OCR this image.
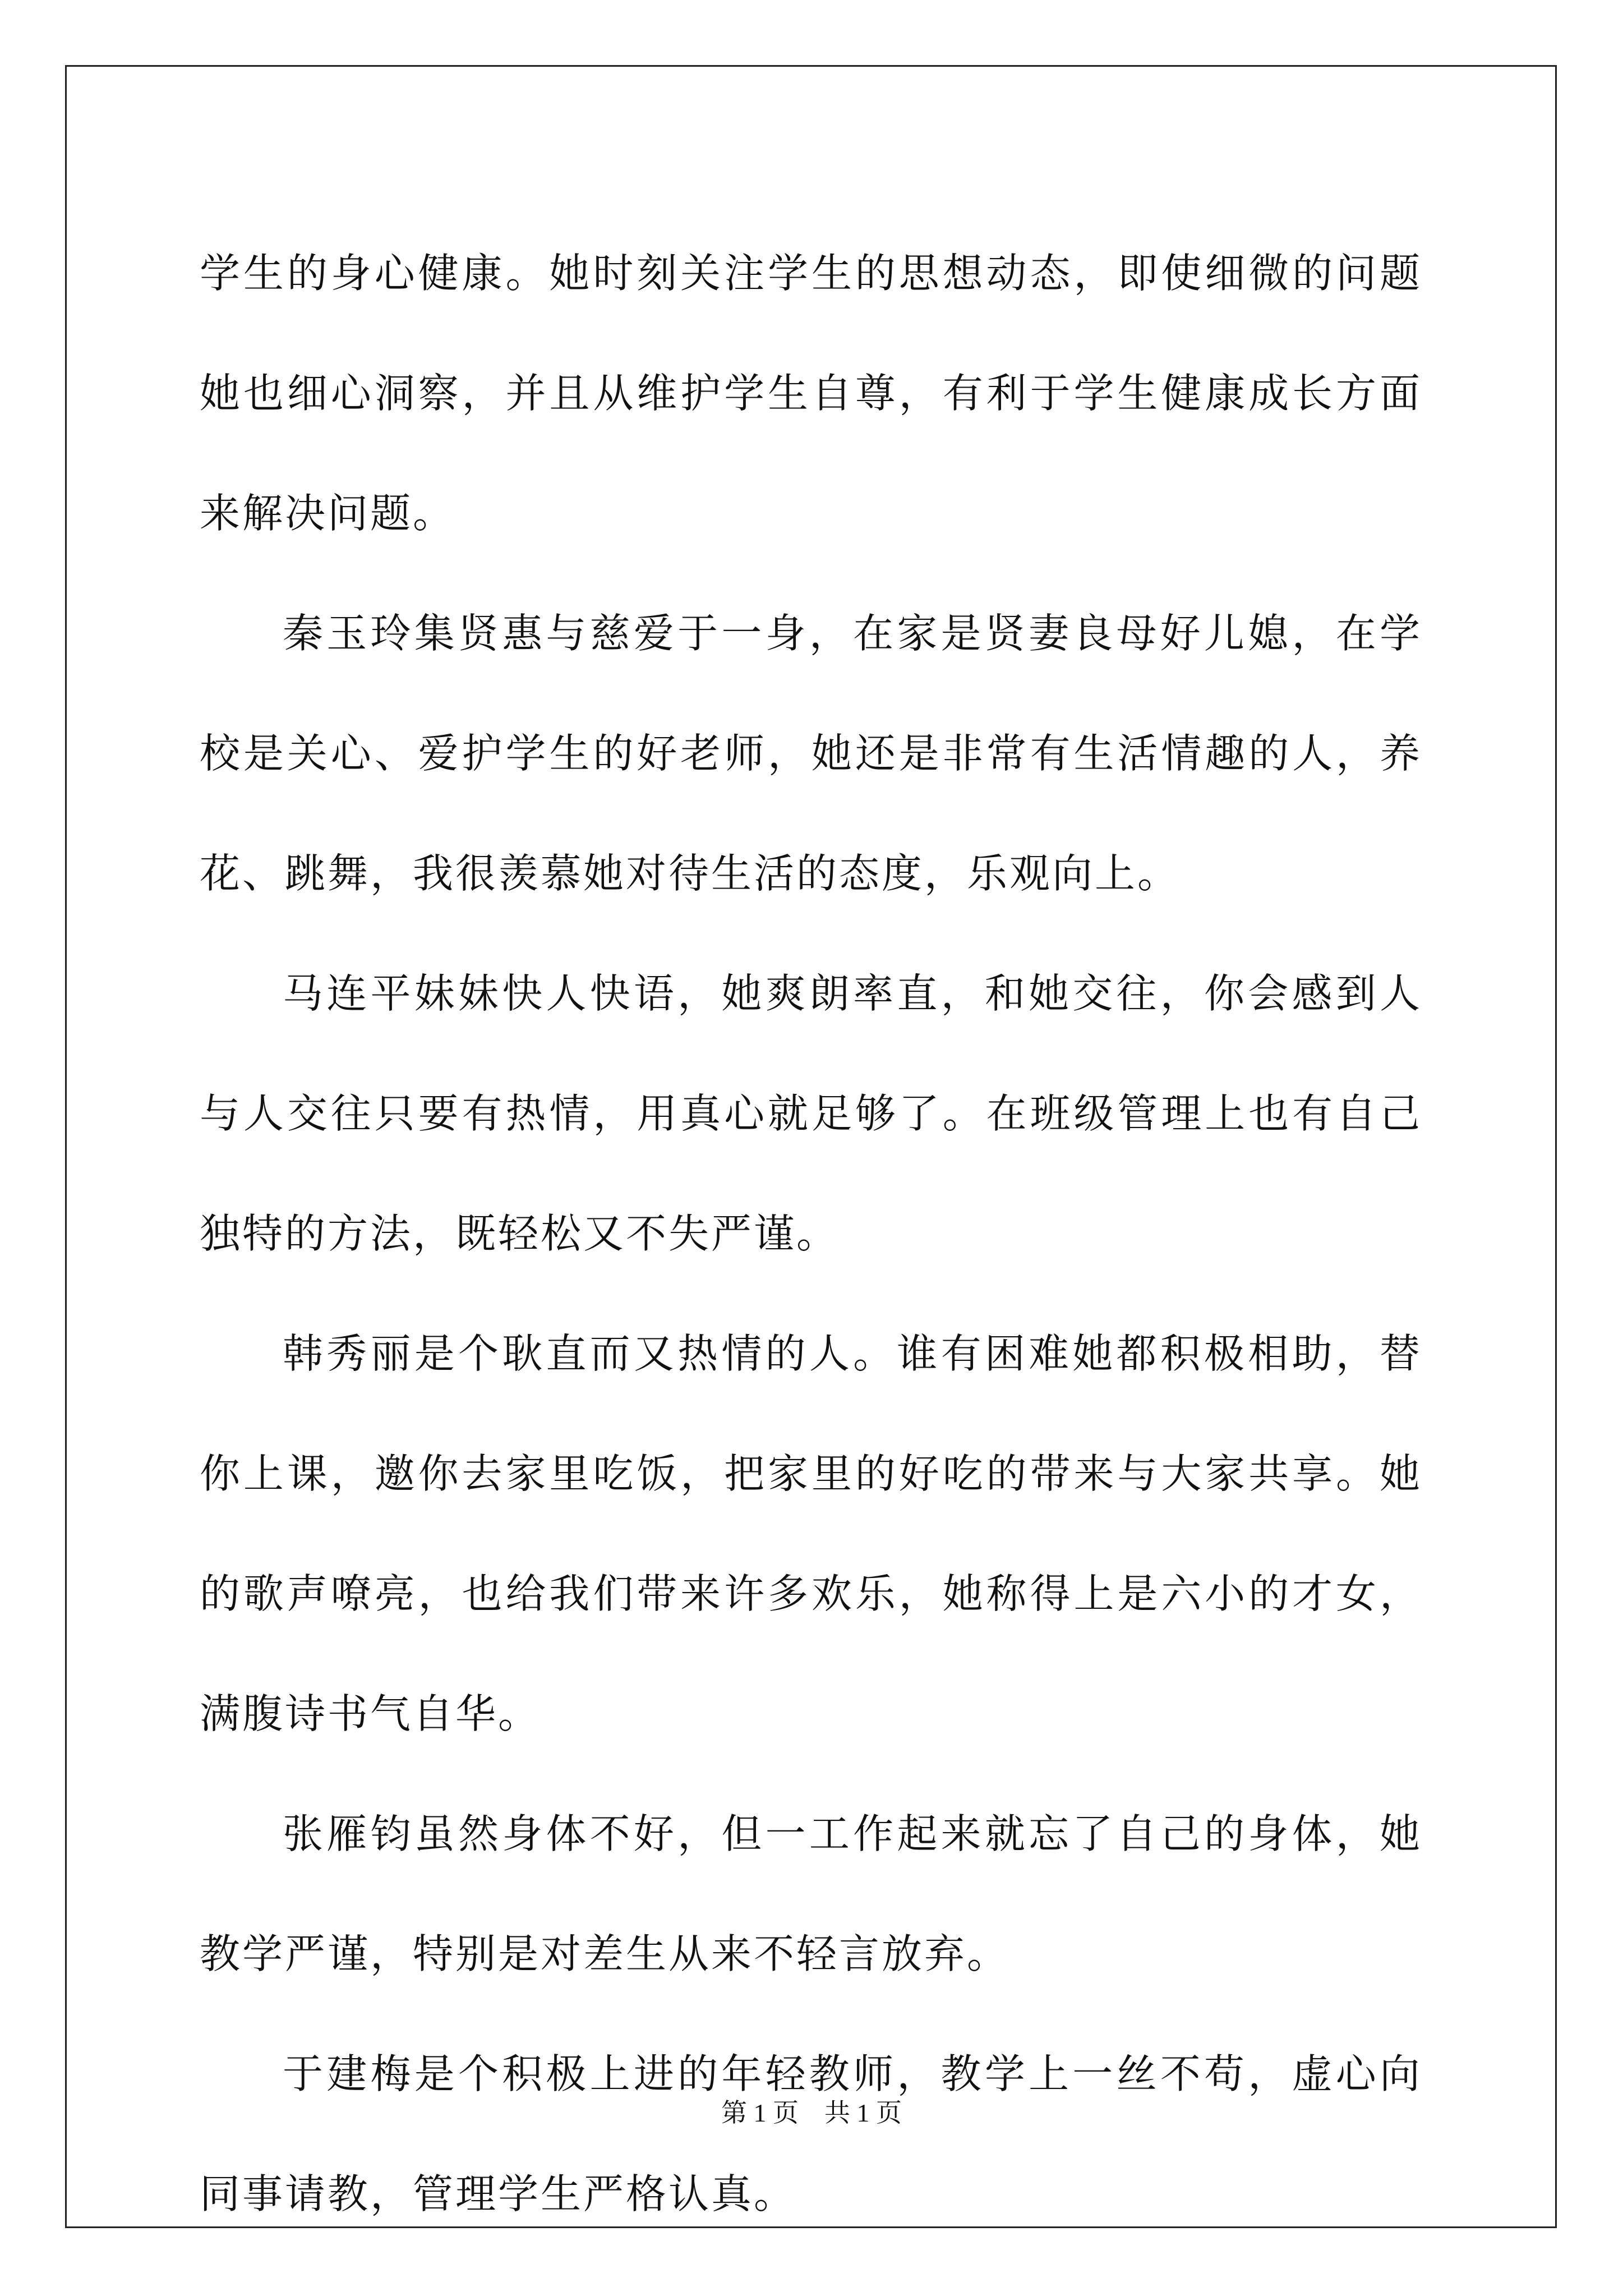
学生的身心健康。她时刻关注学生的思想动态，即使细微的问题她也细心洞察，并且从维护学生自尊，有利于学生健康成长方面来解决问题。

秦玉玲集贤惠与慈爱于一身，在家是贤妻良母好儿媳，在学校是关心、爱护学生的好老师，她还是非常有生活情趣的人，养花、跳舞，我很羡慕她对待生活的态度，乐观向上。

马连平妹妹快人快语，她爽朗率直，和她交往，你会感到人与人交往只要有热情，用真心就足够了。在班级管理上也有自己独特的方法，既轻松又不失严谨。

韩秀丽是个耿直而又热情的人。谁有困难她都积极相助，替你上课，邀你去家里吃饭，把家里的好吃的带来与大家共享。她的歌声嘹亮，也给我们带来许多欢乐，她称得上是六小的才女，满腹诗书气自华。

张雁钧虽然身体不好，但一工作起来就忘了自己的身体，她教学严谨，特别是对差生从来不轻言放弃。

于建梅是个积极上进的年轻教师，教学上一丝不苟，虚心向同事请教，管理学生严格认真。

第 1 页　共 1 页
